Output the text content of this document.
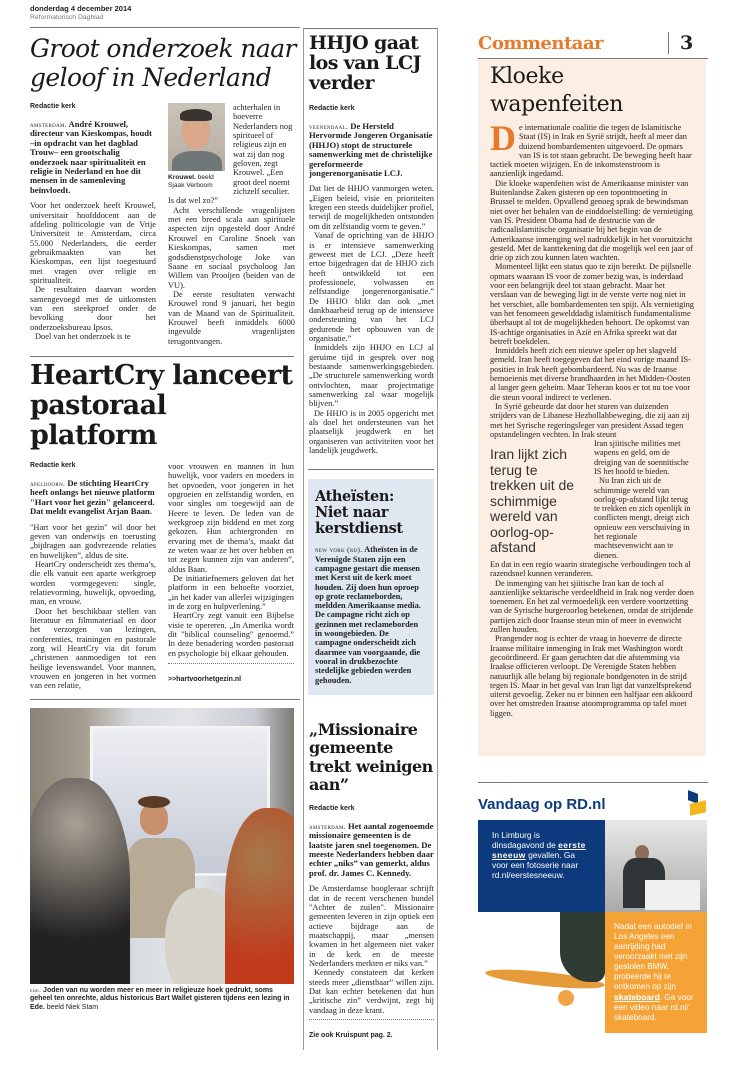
donderdag 4 december 2014
Reformatorisch Dagblad
Groot onderzoek naar geloof in Nederland
Redactie kerk
amsterdam. André Krouwel, directeur van Kieskompas, houdt –in opdracht van het dagblad Trouw– een grootschalig onderzoek naar spiritualiteit en religie in Nederland en hoe dit mensen in de samenleving beïnvloedt.

Voor het onderzoek heeft Krouwel, universitair hoofddocent aan de afdeling politicologie van de Vrije Universiteit te Amsterdam, circa 55.000 Nederlanders, die eerder gebruikmaakten van het Kieskompas, een lijst toegestuurd met vragen over religie en spiritualiteit.

De resultaten daarvan worden samengevoegd met de uitkomsten van een steekproef onder de bevolking door het onderzoeksbureau Ipsos.

Doel van het onderzoek is te

Krouwel. beeld Sjaak Verboom

achterhalen in hoeverre Nederlanders nog spiritueel of religieus zijn en wat zij dan nog geloven, zegt Krouwel. „Een groot deel noemt zichzelf seculier. Is dat wel zo?”

Acht verschillende vragenlijsten met een breed scala aan spirituele aspecten zijn opgesteld door André Krouwel en Caroline Snoek van Kieskompas, samen met godsdienstpsychologe Joke van Saane en sociaal psycholoog Jan Willem van Prooijen (beiden van de VU).

De eerste resultaten verwacht Krouwel rond 9 januari, het begin van de Maand van de Spiritualiteit. Krouwel heeft inmiddels 6000 ingevulde vragenlijsten terugontvangen.

HeartCry lanceert pastoraal platform
Redactie kerk
apeldoorn. De stichting HeartCry heeft onlangs het nieuwe platform "Hart voor het gezin" gelanceerd. Dat meldt evangelist Arjan Baan.

"Hart voor het gezin" wil door het geven van onderwijs en toerusting „bijdragen aan godvrezende relaties en huwelijken”, aldus de site.

HeartCry onderscheidt zes thema’s, die elk vanuit een aparte werkgroep worden vormgegeven: single, relatievorming, huwelijk, opvoeding, man, en vrouw.

Door het beschikbaar stellen van literatuur en filmmateriaal en door het verzorgen van lezingen, conferenties, trainingen en pastorale zorg wil HeartCry via dit forum „christenen aanmoedigen tot een heilige levenswandel. Voor mannen, vrouwen en jongeren in het vormen van een relatie,

voor vrouwen en mannen in hun huwelijk, voor vaders en moeders in het opvoeden, voor jongeren in het opgroeien en zelfstandig worden, en voor singles om toegewijd aan de Heere te leven. De leden van de werkgroep zijn biddend en met zorg gekozen. Hun achtergronden en ervaring met de thema’s, maakt dat ze weten waar ze het over hebben en tot zegen kunnen zijn van anderen”, aldus Baan.

De initiatiefnemers geloven dat het platform in een behoefte voorziet, „in het kader van allerlei wijzigingen in de zorg en hulpverlening.”

HeartCry zegt vanuit een Bijbelse visie te opereren. „In Amerika wordt dit "biblical counseling" genoemd.” In deze benadering worden pastoraat en psychologie bij elkaar gehouden.

>>hartvoorhetgezin.nl
ede. Joden van nu worden meer en meer in religieuze hoek gedrukt, soms geheel ten onrechte, aldus historicus Bart Wallet gisteren tijdens een lezing in Ede. beeld Niek Stam
HHJO gaat los van LCJ verder
Redactie kerk
veenendaal. De Hersteld Hervormde Jongeren Organisatie (HHJO) stopt de structurele samenwerking met de christelijke gereformeerde jongerenorganisatie LCJ.

Dat liet de HHJO vanmorgen weten. „Eigen beleid, visie en prioriteiten kregen een steeds duidelijker profiel, terwijl de mogelijkheden ontstonden om dit zelfstandig vorm te geven.”

Vanaf de oprichting van de HHJO is er intensieve samenwerking geweest met de LCJ. „Deze heeft ertoe bijgedragen dat de HHJO zich heeft ontwikkeld tot een professionele, volwassen en zelfstandige jongerenorganisatie.” De HHJO blikt dan ook „met dankbaarheid terug op de intensieve ondersteuning van het LCJ gedurende het opbouwen van de organisatie.”

Inmiddels zijn HHJO en LCJ al geruime tijd in gesprek over nog bestaande samenwerkingsgebieden. „De structurele samenwerking wordt ontvlochten, maar projectmatige samenwerking zal waar mogelijk blijven.”

De HHJO is in 2005 opgericht met als doel het ondersteunen van het plaatselijk jeugdwerk en het organiseren van activiteiten voor het landelijk jeugdwerk.

Atheïsten: Niet naar kerstdienst
new york (rd). Atheïsten in de Verenigde Staten zijn een campagne gestart die mensen met Kerst uit de kerk moet houden. Zij doen hun oproep op grote reclameborden, meldden Amerikaanse media. De campagne richt zich op gezinnen met reclameborden in woongebieden. De campagne onderscheidt zich daarmee van voorgaande, die vooral in drukbezochte stedelijke gebieden werden gehouden.
„Missionaire gemeente trekt weinigen aan”
Redactie kerk
amsterdam. Het aantal zogenoemde missionaire gemeenten is de laatste jaren snel toegenomen. De meeste Nederlanders hebben daar echter „niks” van gemerkt, aldus prof. dr. James C. Kennedy.

De Amsterdamse hoogleraar schrijft dat in de recent verschenen bundel "Achter de zuilen". Missionaire gemeenten leveren in zijn optiek een actieve bijdrage aan de maatschappij, maar „mensen kwamen in het algemeen niet vaker in de kerk en de meeste Nederlanders merkten er niks van.”

Kennedy constateert dat kerken steeds meer „dienstbaar” willen zijn. Dat kan echter betekenen dat hun „kritische zin” verdwijnt, zegt hij vandaag in deze krant.

Zie ook Kruispunt pag. 2.
Commentaar	3
Kloeke wapenfeiten

De internationale coalitie die tegen de Islamitische Staat (IS) in Irak en Syrië strijdt, heeft al meer dan duizend bombardementen uitgevoerd. De opmars van IS is tot staan gebracht. De beweging heeft haar tactiek moeten wijzigen. En de inkomstenstroom is aanzienlijk ingedamd.

Die kloeke wapenfeiten wist de Amerikaanse minister van Buitenlandse Zaken gisteren op een topontmoeting in Brussel te melden. Opvallend genoeg sprak de bewindsman niet over het behalen van de einddoelstelling: de vernietiging van IS. President Obama had de destructie van de radicaalislamitische organisatie bij het begin van de Amerikaanse inmenging wel nadrukkelijk in het vooruitzicht gesteld. Met de kanttekening dat die mogelijk wel een jaar of drie op zich zou kunnen laten wachten.

Momenteel lijkt een status quo te zijn bereikt. De pijlsnelle opmars waaraan IS voor de zomer bezig was, is inderdaad voor een belangrijk deel tot staan gebracht. Maar het verslaan van de beweging ligt in de verste verte nog niet in het verschiet, alle bombardementen ten spijt. Als vernietiging van het fenomeen gewelddadig islamitisch fundamentalisme überhaupt al tot de mogelijkheden behoort. De opkomst van IS-achtige organisaties in Azië en Afrika spreekt wat dat betreft boekdelen.

Inmiddels heeft zich een nieuwe speler op het slagveld gemeld. Iran heeft toegegeven dat het eind vorige maand IS-posities in Irak heeft gebombardeerd. Nu was de Iraanse bemoeienis met diverse brandhaarden in het Midden-Oosten al langer geen geheim. Maar Teheran koos er tot nu toe voor die steun vooral indirect te verlenen.

In Syrië gebeurde dat door het sturen van duizenden strijders van de Libanese Hezbollahbeweging, die zij aan zij met het Syrische regeringsleger van president Assad tegen opstandelingen vechten. In Irak steunt

Iran lijkt zich terug te trekken uit de schimmige wereld van oorlog-op-afstand

Iran sjiitische milities met wapens en geld, om de dreiging van de soennitische IS het hoofd te bieden.

Nu Iran zich uit de schimmige wereld van oorlog-op-afstand lijkt terug te trekken en zich openlijk in conflicten mengt, dreigt zich opnieuw een verschuiving in het regionale machtsevenwicht aan te dienen.

En dat in een regio waarin strategische verhoudingen toch al razendsnel kunnen veranderen.

De inmenging van het sjiitische Iran kan de toch al aanzienlijke sektarische verdeeldheid in Irak nog verder doen toenemen. En het zal vermoedelijk een verdere voortzetting van de Syrische burgeroorlog betekenen, omdat de strijdende partijen zich door Iraanse steun min of meer in evenwicht zullen houden.

Prangender nog is echter de vraag in hoeverre de directe Iraanse militaire inmenging in Irak met Washington wordt gecoördineerd. Er gaan geruchten dat die afstemming via Iraakse officieren verloopt. De Verenigde Staten hebben natuurlijk alle belang bij regionale bondgenoten in de strijd tegen IS. Maar in het geval van Iran ligt dat vanzelfsprekend uiterst gevoelig. Zeker nu er binnen een halfjaar een akkoord over het omstreden Iraanse atoomprogramma op tafel moet liggen.

Vandaag op RD.nl
In Limburg is dinsdagavond de eerste sneeuw gevallen. Ga voor een fotoserie naar rd.nl/eerstesneeuw.
Nadat een autodief in Los Angeles een aanrijding had veroorzaakt met zijn gestolen BMW, probeerde hij te ontkomen op zijn skateboard. Ga voor een video naar rd.nl/ skateboard.
